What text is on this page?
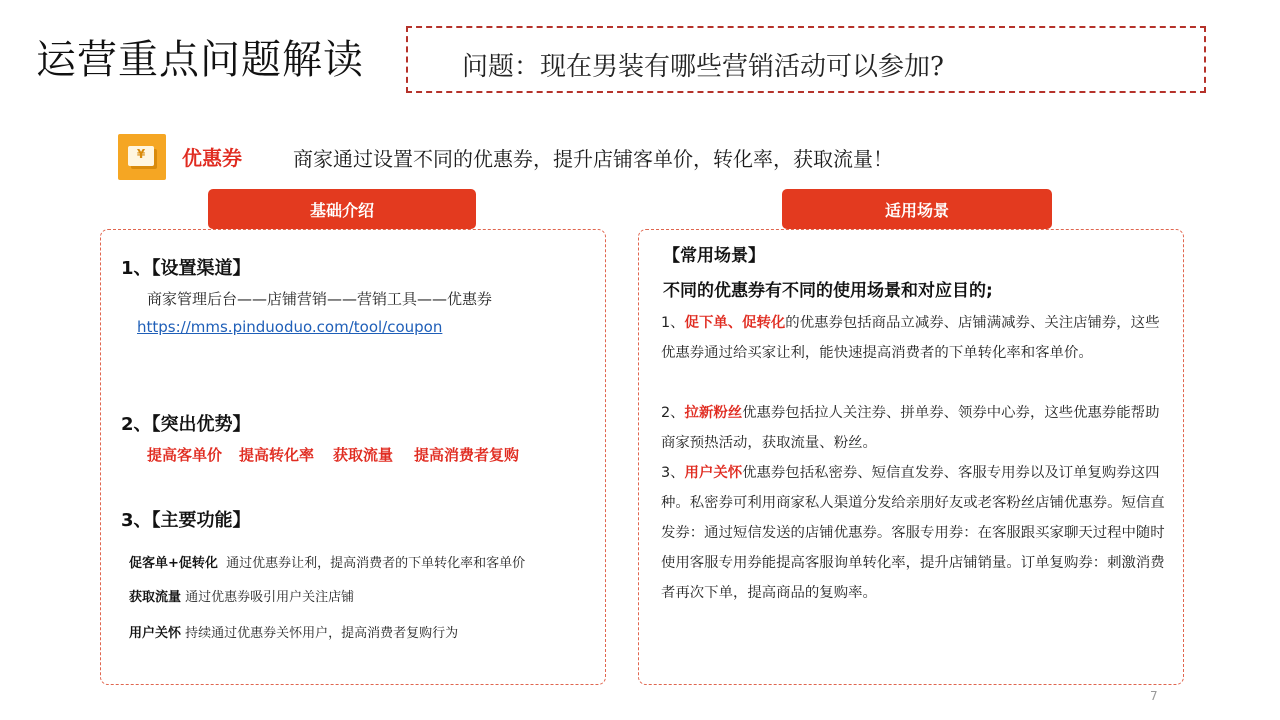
运营重点问题解读	问题：现在男装有哪些营销活动可以参加?
¥	优惠券	商家通过设置不同的优惠券，提升店铺客单价，转化率，获取流量！
基础介绍	适用场景
1、【设置渠道】
商家管理后台——店铺营销——营销工具——优惠券
https://mms.pinduoduo.com/tool/coupon
2、【突出优势】
提高客单价 提高转化率 获取流量 提高消费者复购
3、【主要功能】
促客单+促转化 通过优惠券让利，提高消费者的下单转化率和客单价
获取流量 通过优惠券吸引用户关注店铺
用户关怀 持续通过优惠券关怀用户，提高消费者复购行为
【常用场景】
不同的优惠券有不同的使用场景和对应目的;
1、促下单、促转化的优惠券包括商品立减券、店铺满减券、关注店铺券，这些优惠券通过给买家让利，能快速提高消费者的下单转化率和客单价。
2、拉新粉丝优惠券包括拉人关注券、拼单券、领券中心券，这些优惠券能帮助商家预热活动，获取流量、粉丝。
3、用户关怀优惠券包括私密券、短信直发券、客服专用券以及订单复购券这四种。私密券可利用商家私人渠道分发给亲朋好友或老客粉丝店铺优惠券。短信直发券：通过短信发送的店铺优惠券。客服专用券：在客服跟买家聊天过程中随时使用客服专用券能提高客服询单转化率，提升店铺销量。订单复购券：刺激消费者再次下单，提高商品的复购率。
7
